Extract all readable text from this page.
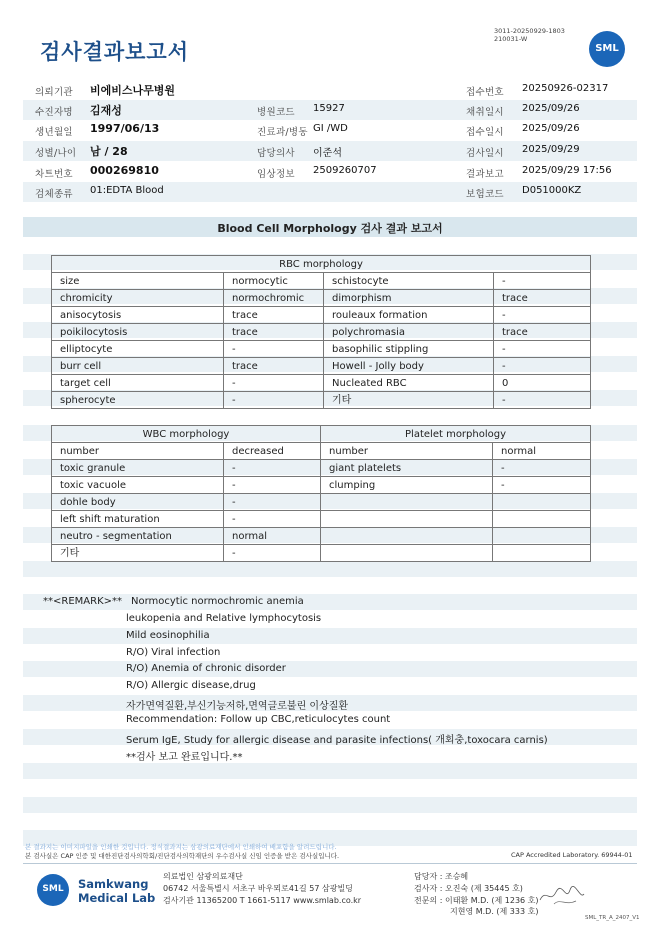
검사결과보고서
3011-20250929-1803
210031-W
SML
의뢰기관 비에비스나무병원	접수번호 20250926-02317
수진자명 김재성	병원코드 15927	채취일시 2025/09/26
생년월일 1997/06/13	진료과/병동 GI /WD	접수일시 2025/09/26
성별/나이 남 / 28	담당의사 이준석	검사일시 2025/09/29
차트번호 000269810	임상정보 2509260707	결과보고 2025/09/29 17:56
검체종류 01:EDTA Blood	보험코드 D051000KZ
Blood Cell Morphology 검사 결과 보고서
RBC morphology			
size	normocytic	schistocyte	-
chromicity	normochromic	dimorphism	trace
anisocytosis	trace	rouleaux formation	-
poikilocytosis	trace	polychromasia	trace
elliptocyte	-	basophilic stippling	-
burr cell	trace	Howell - Jolly body	-
target cell	-	Nucleated RBC	0
spherocyte	-	기타	-
WBC morphology		Platelet morphology	
number	decreased	number	normal
toxic granule	-	giant platelets	-
toxic vacuole	-	clumping	-
dohle body	-		
left shift maturation	-		
neutro - segmentation	normal		
기타	-		
**<REMARK>** Normocytic normochromic anemia
leukopenia and Relative lymphocytosis
Mild eosinophilia
R/O) Viral infection
R/O) Anemia of chronic disorder
R/O) Allergic disease,drug
자가면역질환,부신기능저하,면역글로불린 이상질환
Recommendation: Follow up CBC,reticulocytes count
Serum IgE, Study for allergic disease and parasite infections( 개회충,toxocara carnis)
**검사 보고 완료입니다.**
본 결과지는 이미지파일을 인쇄한 것입니다. 정식결과지는 삼광의료재단에서 인쇄하여 배포함을 알려드립니다.
본 검사실은 CAP 인증 및 대한진단검사의학회/진단검사의학재단의 우수검사실 신임 인증을 받은 검사실입니다.	CAP Accredited Laboratory. 69944-01
SML	Samkwang
Medical Lab
의료법인 삼광의료재단
06742 서울특별시 서초구 바우뫼로41길 57 삼광빌딩
검사기관 11365200 T 1661-5117 www.smlab.co.kr
담당자 : 조승혜
검사자 : 오진숙 (제 35445 호)
전문의 : 이태환 M.D. (제 1236 호)
지현영 M.D. (제 333 호)
SML_TR_A_2407_V1
